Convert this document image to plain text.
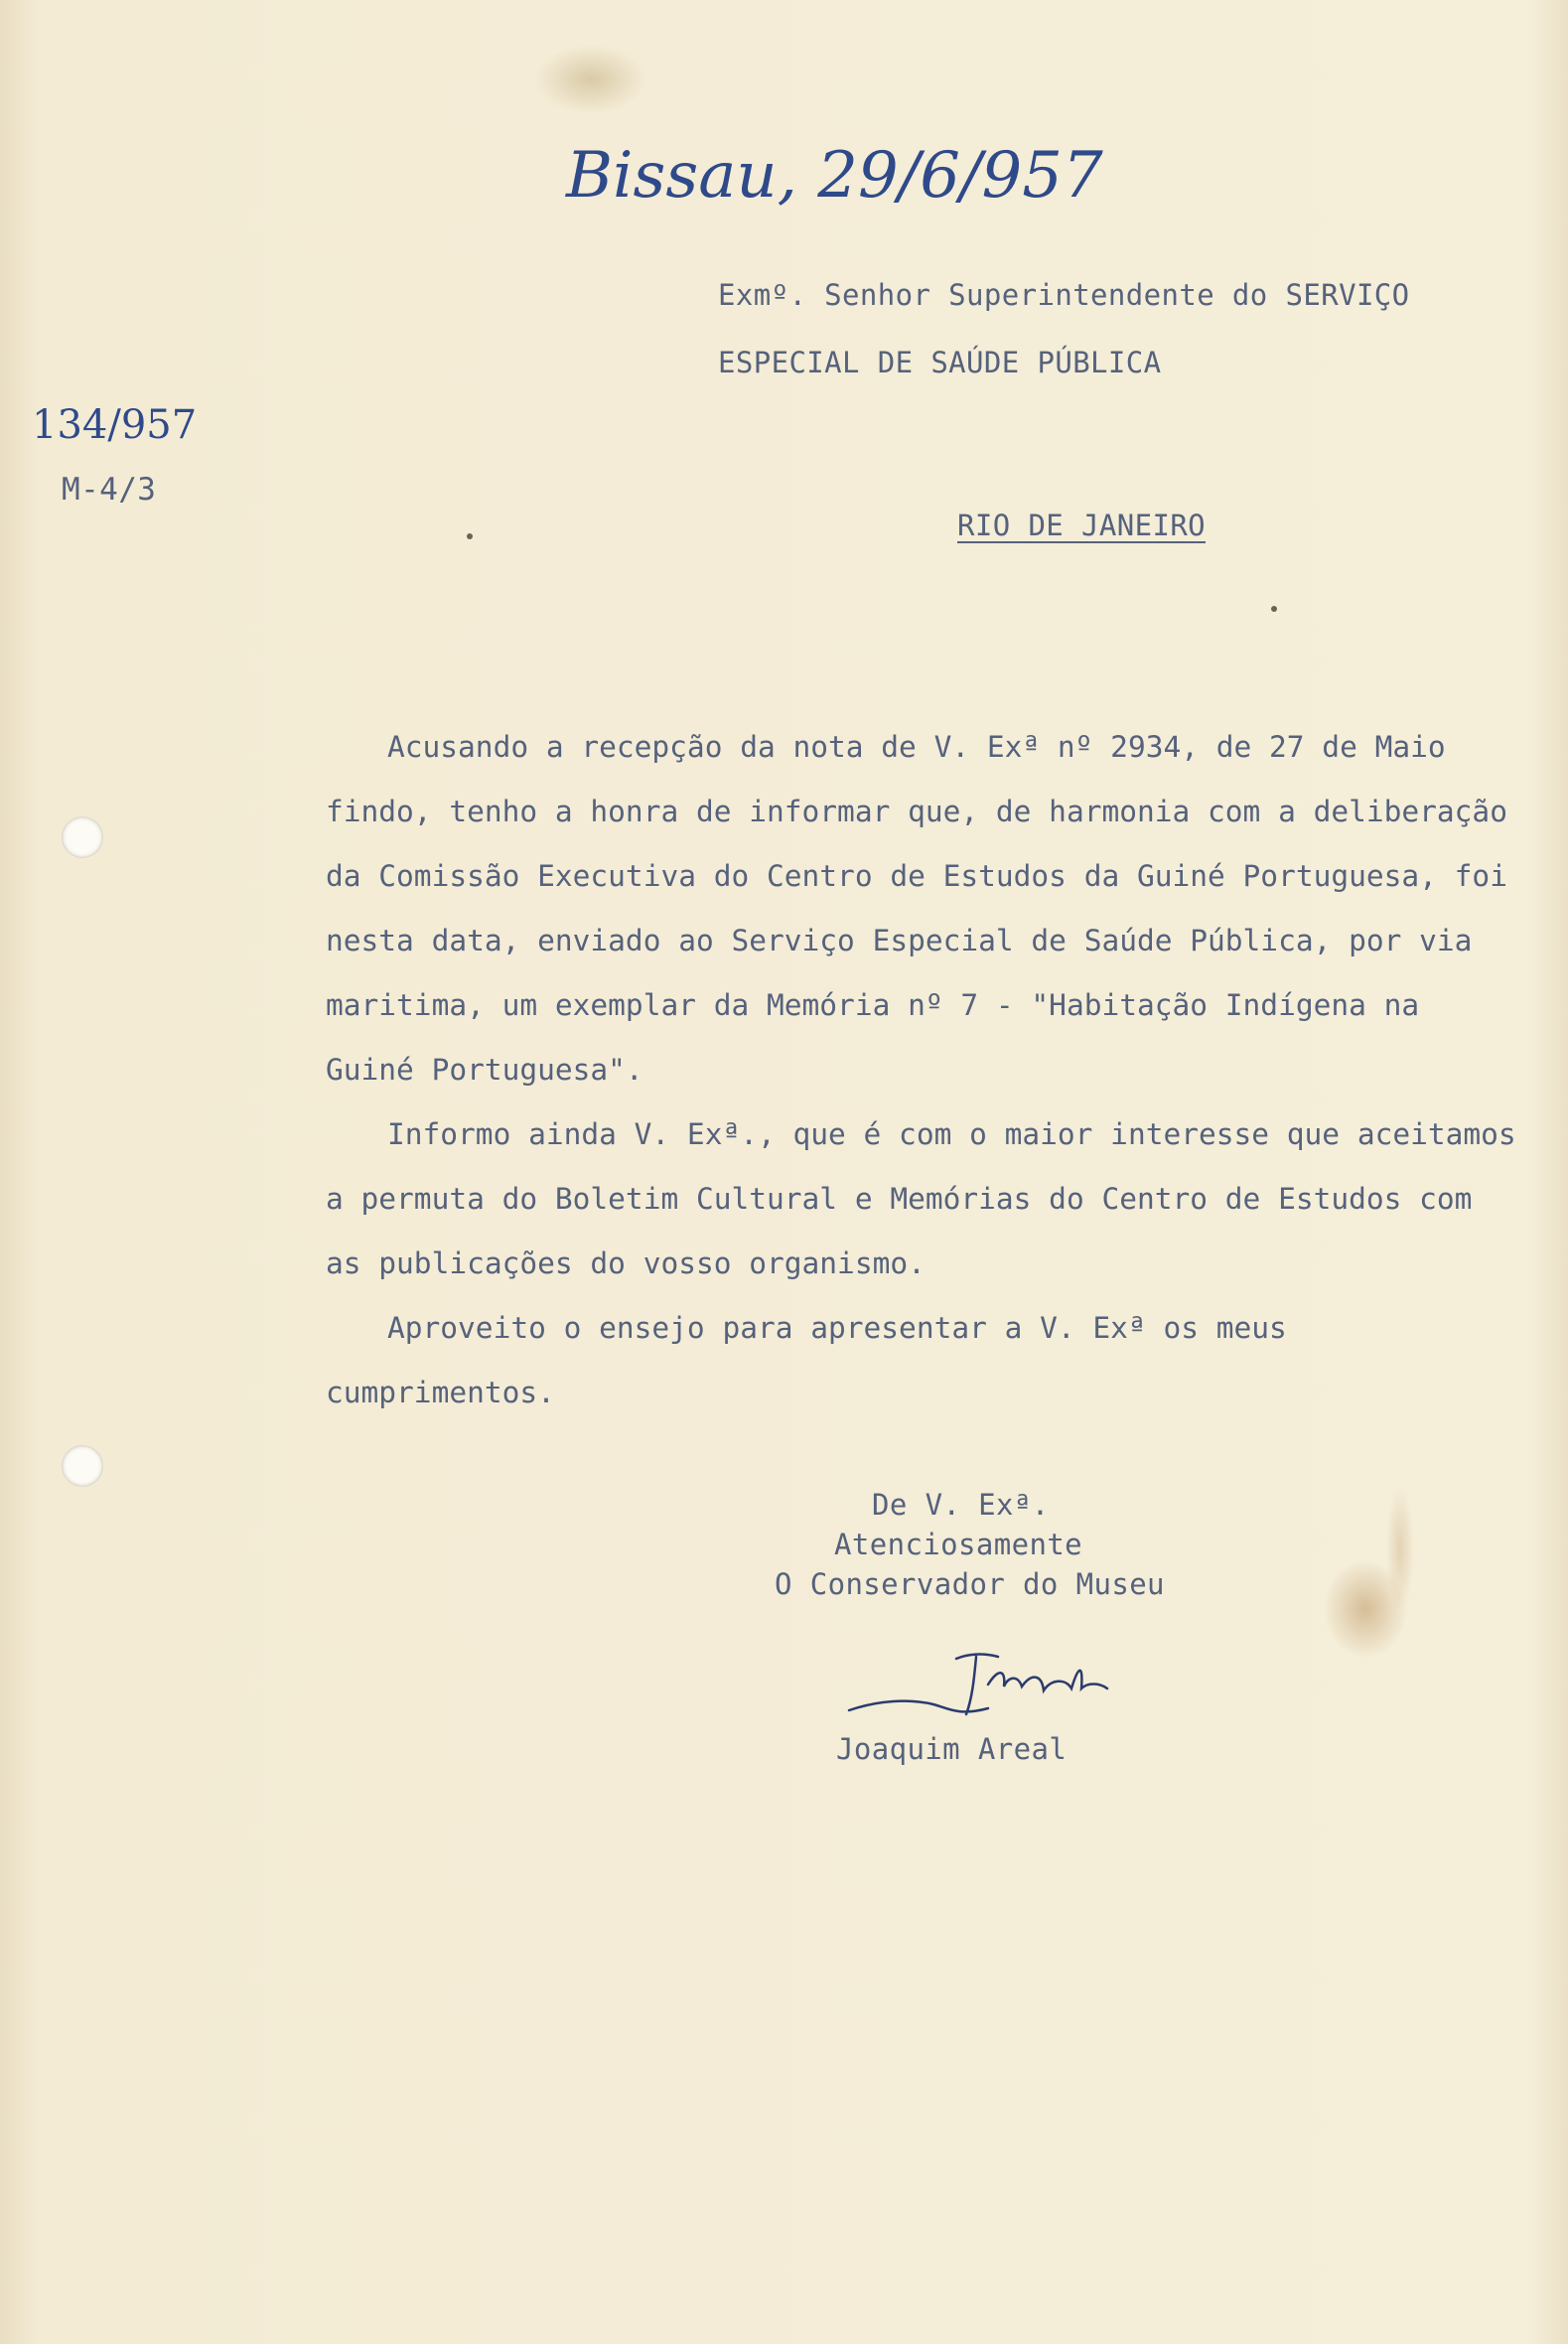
Bissau, 29/6/957
134/957
M-4/3
Exmº. Senhor Superintendente do SERVIÇO
ESPECIAL DE SAÚDE PÚBLICA
RIO DE JANEIRO

Acusando a recepção da nota de V. Exª nº 2934, de 27 de Maio findo, tenho a honra de informar que, de harmonia com a deliberação da Comissão Executiva do Centro de Estudos da Guiné Portuguesa, foi nesta data, enviado ao Serviço Especial de Saúde Pública, por via maritima, um exemplar da Memória nº 7 - "Habitação Indígena na Guiné Portuguesa".

Informo ainda V. Exª., que é com o maior interesse que aceitamos a permuta do Boletim Cultural e Memórias do Centro de Estudos com as publicações do vosso organismo.

Aproveito o ensejo para apresentar a V. Exª os meus cumprimentos.

De V. Exª.
Atenciosamente
O Conservador do Museu
Joaquim Areal
